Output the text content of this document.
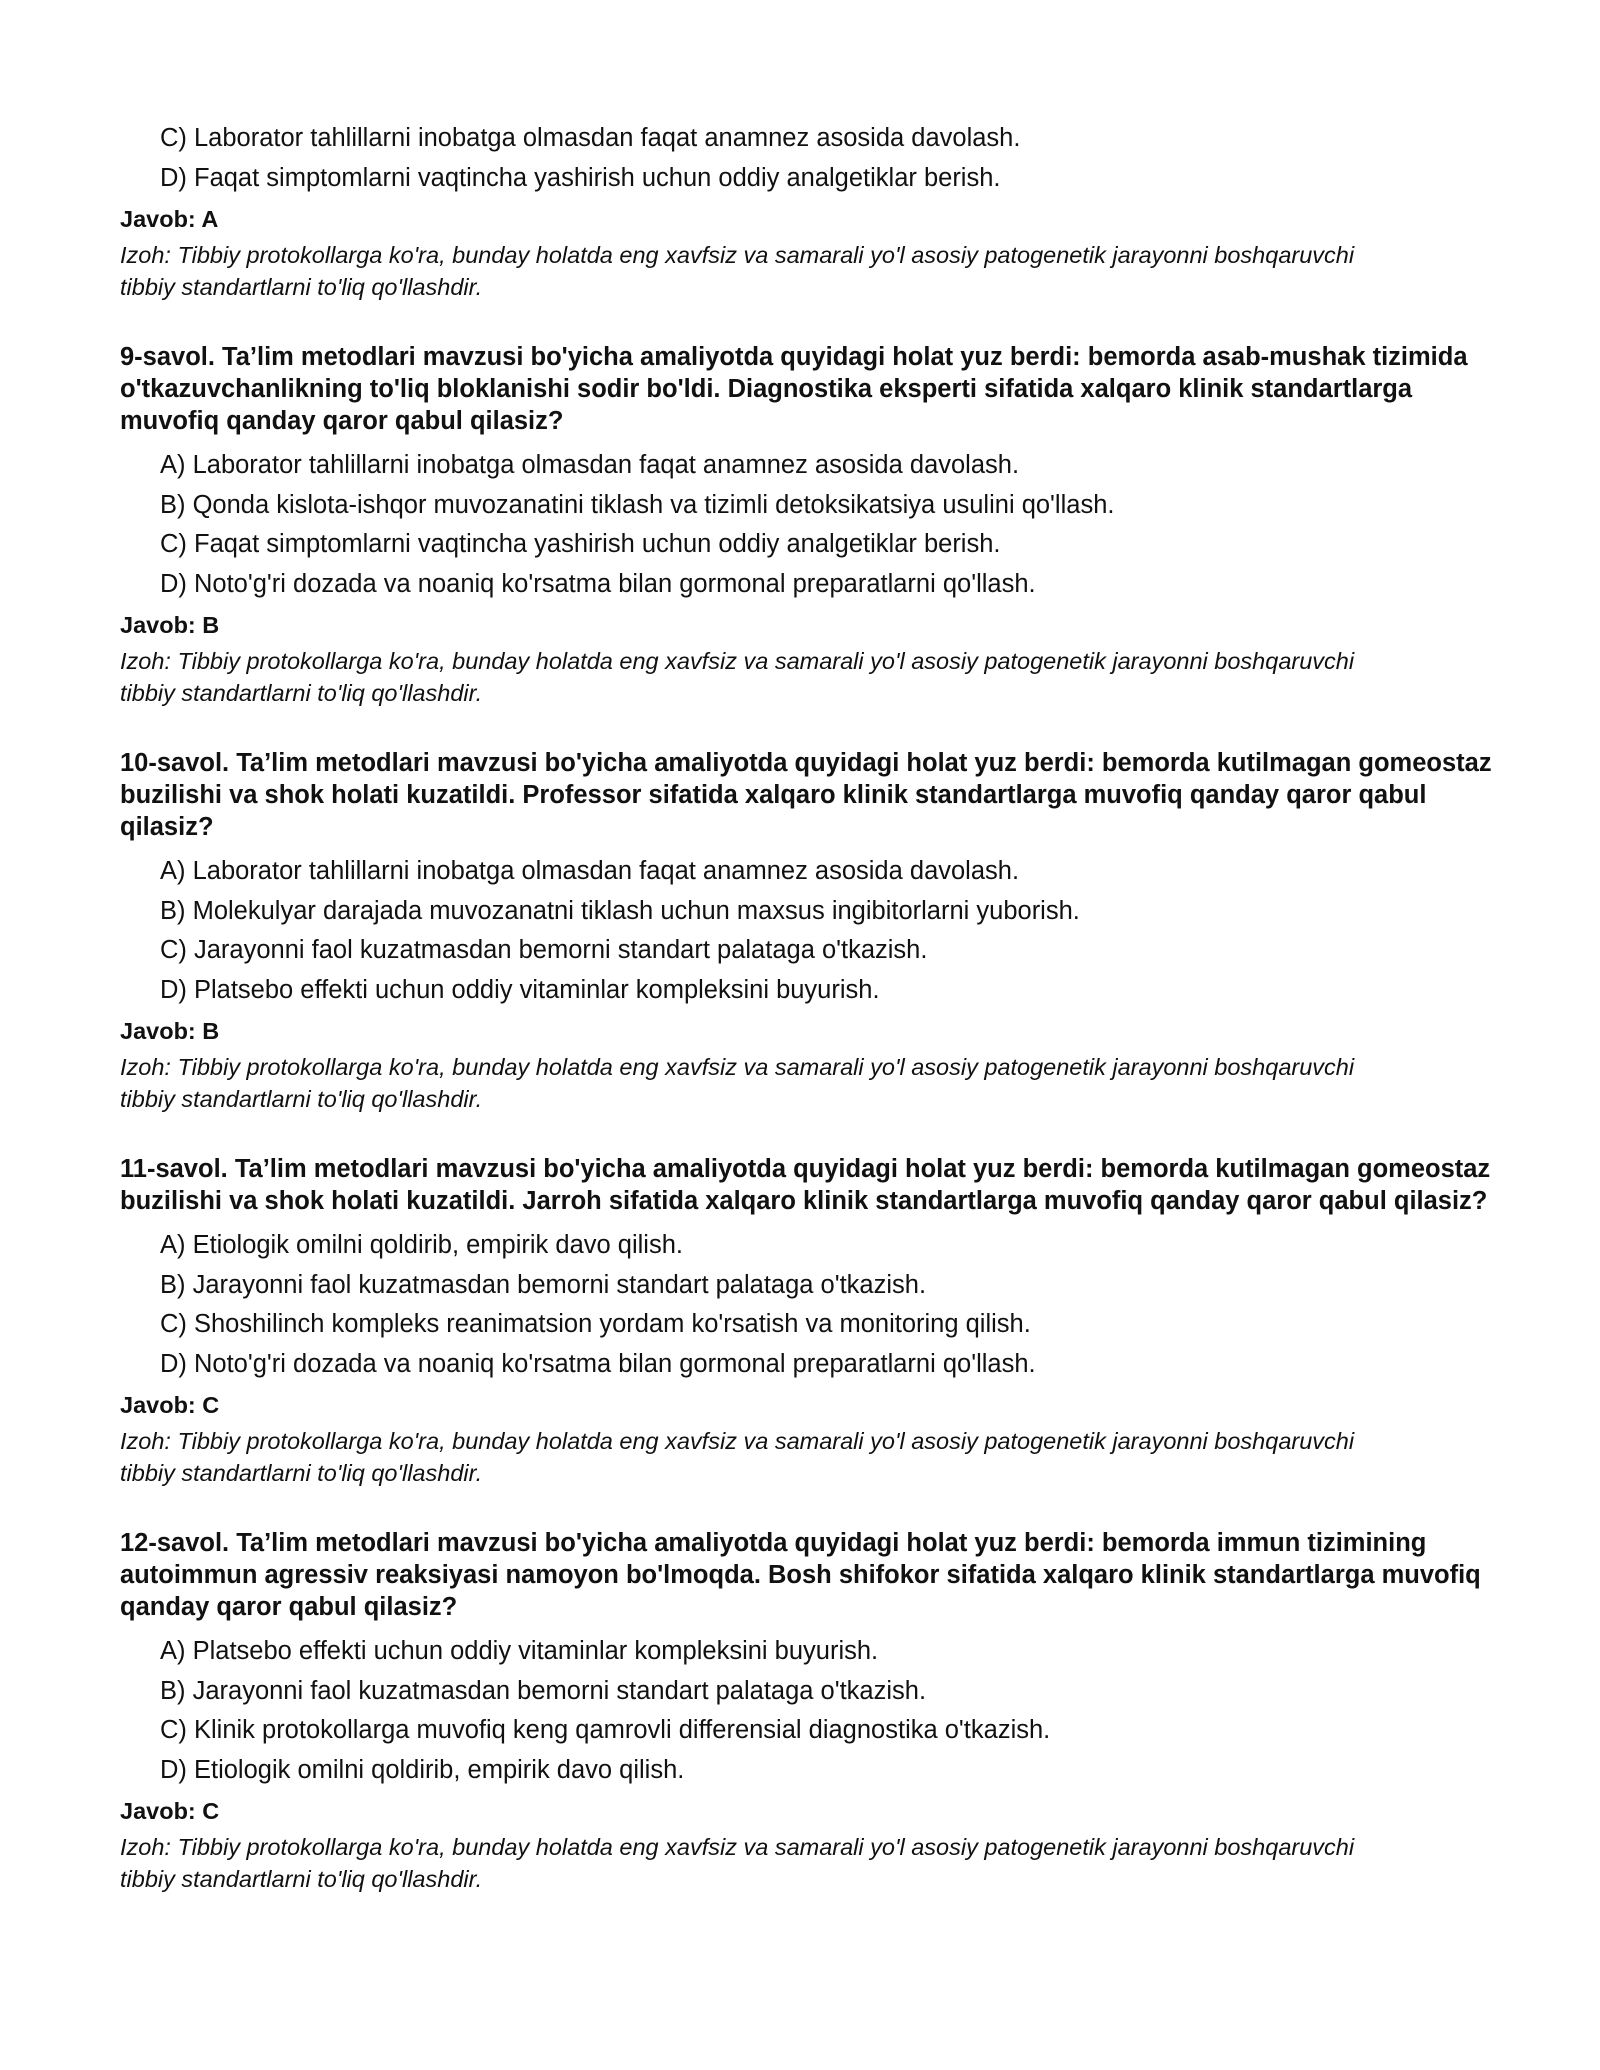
C) Laborator tahlillarni inobatga olmasdan faqat anamnez asosida davolash.
D) Faqat simptomlarni vaqtincha yashirish uchun oddiy analgetiklar berish.
Javob: A
Izoh: Tibbiy protokollarga ko'ra, bunday holatda eng xavfsiz va samarali yo'l asosiy patogenetik jarayonni boshqaruvchi tibbiy standartlarni to'liq qo'llashdir.
9-savol. Ta’lim metodlari mavzusi bo'yicha amaliyotda quyidagi holat yuz berdi: bemorda asab-mushak tizimida o'tkazuvchanlikning to'liq bloklanishi sodir bo'ldi. Diagnostika eksperti sifatida xalqaro klinik standartlarga muvofiq qanday qaror qabul qilasiz?
A) Laborator tahlillarni inobatga olmasdan faqat anamnez asosida davolash.
B) Qonda kislota-ishqor muvozanatini tiklash va tizimli detoksikatsiya usulini qo'llash.
C) Faqat simptomlarni vaqtincha yashirish uchun oddiy analgetiklar berish.
D) Noto'g'ri dozada va noaniq ko'rsatma bilan gormonal preparatlarni qo'llash.
Javob: B
Izoh: Tibbiy protokollarga ko'ra, bunday holatda eng xavfsiz va samarali yo'l asosiy patogenetik jarayonni boshqaruvchi tibbiy standartlarni to'liq qo'llashdir.
10-savol. Ta’lim metodlari mavzusi bo'yicha amaliyotda quyidagi holat yuz berdi: bemorda kutilmagan gomeostaz buzilishi va shok holati kuzatildi. Professor sifatida xalqaro klinik standartlarga muvofiq qanday qaror qabul qilasiz?
A) Laborator tahlillarni inobatga olmasdan faqat anamnez asosida davolash.
B) Molekulyar darajada muvozanatni tiklash uchun maxsus ingibitorlarni yuborish.
C) Jarayonni faol kuzatmasdan bemorni standart palataga o'tkazish.
D) Platsebo effekti uchun oddiy vitaminlar kompleksini buyurish.
Javob: B
Izoh: Tibbiy protokollarga ko'ra, bunday holatda eng xavfsiz va samarali yo'l asosiy patogenetik jarayonni boshqaruvchi tibbiy standartlarni to'liq qo'llashdir.
11-savol. Ta’lim metodlari mavzusi bo'yicha amaliyotda quyidagi holat yuz berdi: bemorda kutilmagan gomeostaz buzilishi va shok holati kuzatildi. Jarroh sifatida xalqaro klinik standartlarga muvofiq qanday qaror qabul qilasiz?
A) Etiologik omilni qoldirib, empirik davo qilish.
B) Jarayonni faol kuzatmasdan bemorni standart palataga o'tkazish.
C) Shoshilinch kompleks reanimatsion yordam ko'rsatish va monitoring qilish.
D) Noto'g'ri dozada va noaniq ko'rsatma bilan gormonal preparatlarni qo'llash.
Javob: C
Izoh: Tibbiy protokollarga ko'ra, bunday holatda eng xavfsiz va samarali yo'l asosiy patogenetik jarayonni boshqaruvchi tibbiy standartlarni to'liq qo'llashdir.
12-savol. Ta’lim metodlari mavzusi bo'yicha amaliyotda quyidagi holat yuz berdi: bemorda immun tizimining autoimmun agressiv reaksiyasi namoyon bo'lmoqda. Bosh shifokor sifatida xalqaro klinik standartlarga muvofiq qanday qaror qabul qilasiz?
A) Platsebo effekti uchun oddiy vitaminlar kompleksini buyurish.
B) Jarayonni faol kuzatmasdan bemorni standart palataga o'tkazish.
C) Klinik protokollarga muvofiq keng qamrovli differensial diagnostika o'tkazish.
D) Etiologik omilni qoldirib, empirik davo qilish.
Javob: C
Izoh: Tibbiy protokollarga ko'ra, bunday holatda eng xavfsiz va samarali yo'l asosiy patogenetik jarayonni boshqaruvchi tibbiy standartlarni to'liq qo'llashdir.
